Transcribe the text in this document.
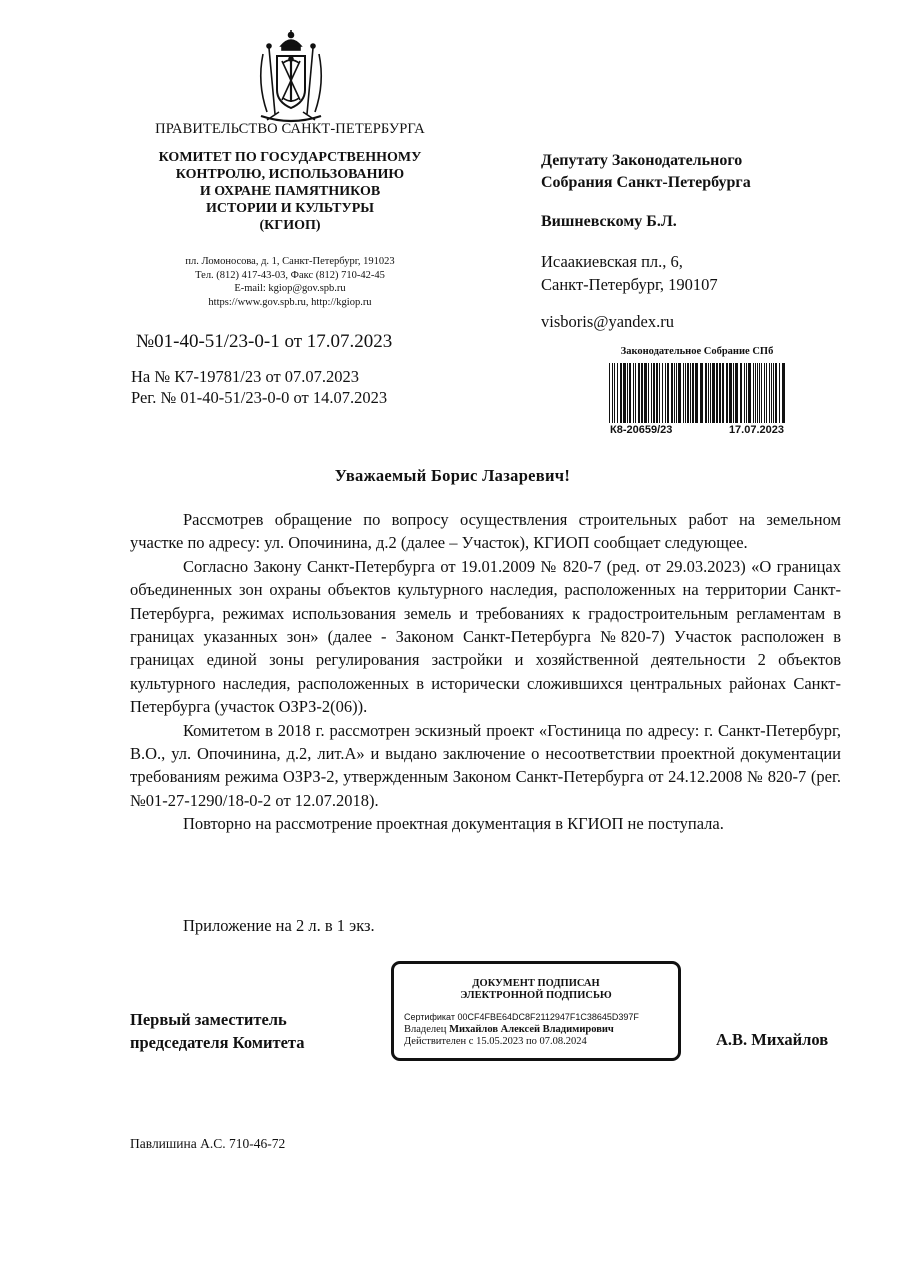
ПРАВИТЕЛЬСТВО САНКТ-ПЕТЕРБУРГА
КОМИТЕТ ПО ГОСУДАРСТВЕННОМУ
КОНТРОЛЮ, ИСПОЛЬЗОВАНИЮ
И ОХРАНЕ ПАМЯТНИКОВ
ИСТОРИИ И КУЛЬТУРЫ
(КГИОП)
пл. Ломоносова, д. 1, Санкт-Петербург, 191023
Тел. (812) 417-43-03, Факс (812) 710-42-45
E-mail: kgiop@gov.spb.ru
https://www.gov.spb.ru, http://kgiop.ru
№01-40-51/23-0-1 от 17.07.2023
На № К7-19781/23 от 07.07.2023
Рег. № 01-40-51/23-0-0 от 14.07.2023
Депутату Законодательного
Собрания Санкт-Петербурга
Вишневскому Б.Л.
Исаакиевская пл., 6,
Санкт-Петербург, 190107
visboris@yandex.ru
Законодательное Собрание СПб
К8-20659/23	17.07.2023
Уважаемый Борис Лазаревич!

Рассмотрев обращение по вопросу осуществления строительных работ на земельном участке по адресу: ул. Опочинина, д.2 (далее – Участок), КГИОП сообщает следующее.

Согласно Закону Санкт-Петербурга от 19.01.2009 № 820-7 (ред. от 29.03.2023) «О границах объединенных зон охраны объектов культурного наследия, расположенных на территории Санкт-Петербурга, режимах использования земель и требованиях к градостроительным регламентам в границах указанных зон» (далее - Законом Санкт-Петербурга №820-7) Участок расположен в границах единой зоны регулирования застройки и хозяйственной деятельности 2 объектов культурного наследия, расположенных в исторически сложившихся центральных районах Санкт-Петербурга (участок ОЗРЗ-2(06)).

Комитетом в 2018 г. рассмотрен эскизный проект «Гостиница по адресу: г. Санкт-Петербург, В.О., ул. Опочинина, д.2, лит.А» и выдано заключение о несоответствии проектной документации требованиям режима ОЗРЗ-2, утвержденным Законом Санкт-Петербурга от 24.12.2008 № 820-7 (рег.№01-27-1290/18-0-2 от 12.07.2018).

Повторно на рассмотрение проектная документация в КГИОП не поступала.

Приложение на 2 л. в 1 экз.
Первый заместитель
председателя Комитета
ДОКУМЕНТ ПОДПИСАН
ЭЛЕКТРОННОЙ ПОДПИСЬЮ
Сертификат 00CF4FBE64DC8F2112947F1C38645D397F
Владелец Михайлов Алексей Владимирович
Действителен с 15.05.2023 по 07.08.2024	А.В. Михайлов
Павлишина А.С. 710-46-72
